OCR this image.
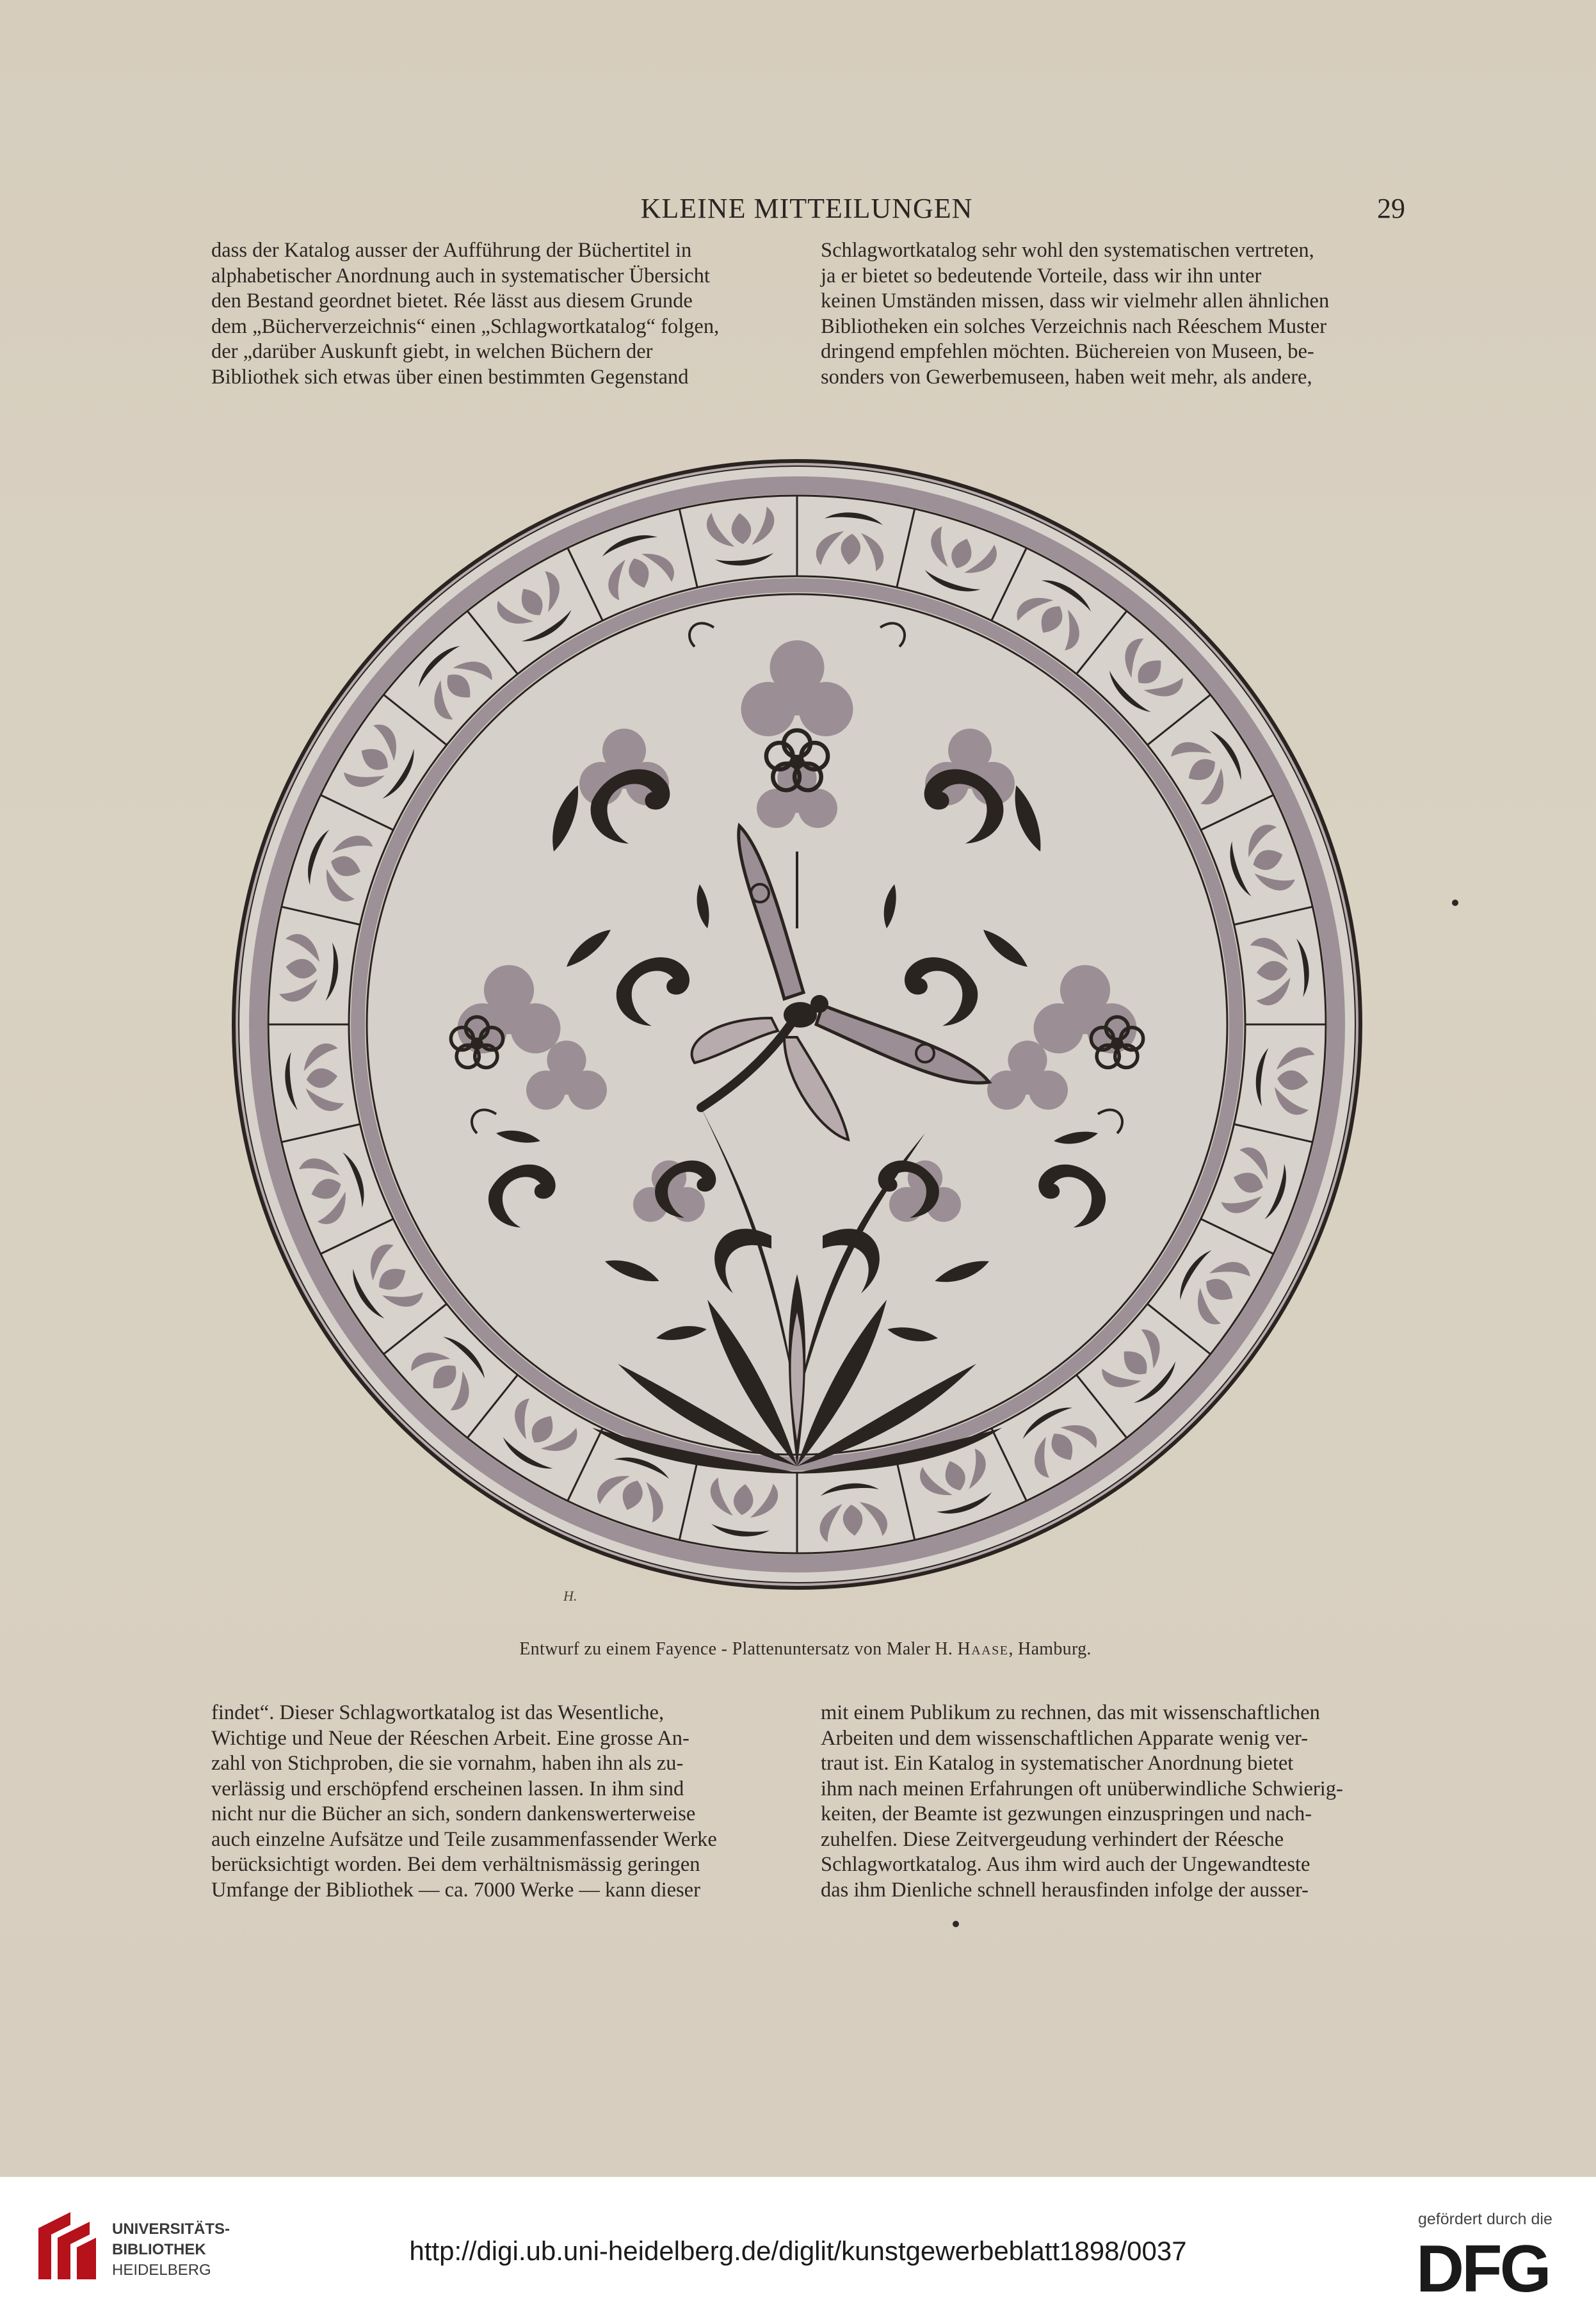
KLEINE MITTEILUNGEN	29

dass der Katalog ausser der Aufführung der Büchertitel in

alphabetischer Anordnung auch in systematischer Übersicht

den Bestand geordnet bietet. Rée lässt aus diesem Grunde

dem „Bücherverzeichnis“ einen „Schlagwortkatalog“ folgen,

der „darüber Auskunft giebt, in welchen Büchern der

Bibliothek sich etwas über einen bestimmten Gegenstand

Schlagwortkatalog sehr wohl den systematischen vertreten,

ja er bietet so bedeutende Vorteile, dass wir ihn unter

keinen Umständen missen, dass wir vielmehr allen ähnlichen

Bibliotheken ein solches Verzeichnis nach Réeschem Muster

dringend empfehlen möchten. Büchereien von Museen, be-

sonders von Gewerbemuseen, haben weit mehr, als andere,

H.
Entwurf zu einem Fayence - Plattenuntersatz von Maler H. Haase, Hamburg.

findet“. Dieser Schlagwortkatalog ist das Wesentliche,

Wichtige und Neue der Réeschen Arbeit. Eine grosse An-

zahl von Stichproben, die sie vornahm, haben ihn als zu-

verlässig und erschöpfend erscheinen lassen. In ihm sind

nicht nur die Bücher an sich, sondern dankenswerterweise

auch einzelne Aufsätze und Teile zusammenfassender Werke

berücksichtigt worden. Bei dem verhältnismässig geringen

Umfange der Bibliothek — ca. 7000 Werke — kann dieser

mit einem Publikum zu rechnen, das mit wissenschaftlichen

Arbeiten und dem wissenschaftlichen Apparate wenig ver-

traut ist. Ein Katalog in systematischer Anordnung bietet

ihm nach meinen Erfahrungen oft unüberwindliche Schwierig-

keiten, der Beamte ist gezwungen einzuspringen und nach-

zuhelfen. Diese Zeitvergeudung verhindert der Réesche

Schlagwortkatalog. Aus ihm wird auch der Ungewandteste

das ihm Dienliche schnell herausfinden infolge der ausser-

UNIVERSITÄTS-
BIBLIOTHEK
HEIDELBERG
http://digi.ub.uni-heidelberg.de/diglit/kunstgewerbeblatt1898/0037
gefördert durch die
DFG
